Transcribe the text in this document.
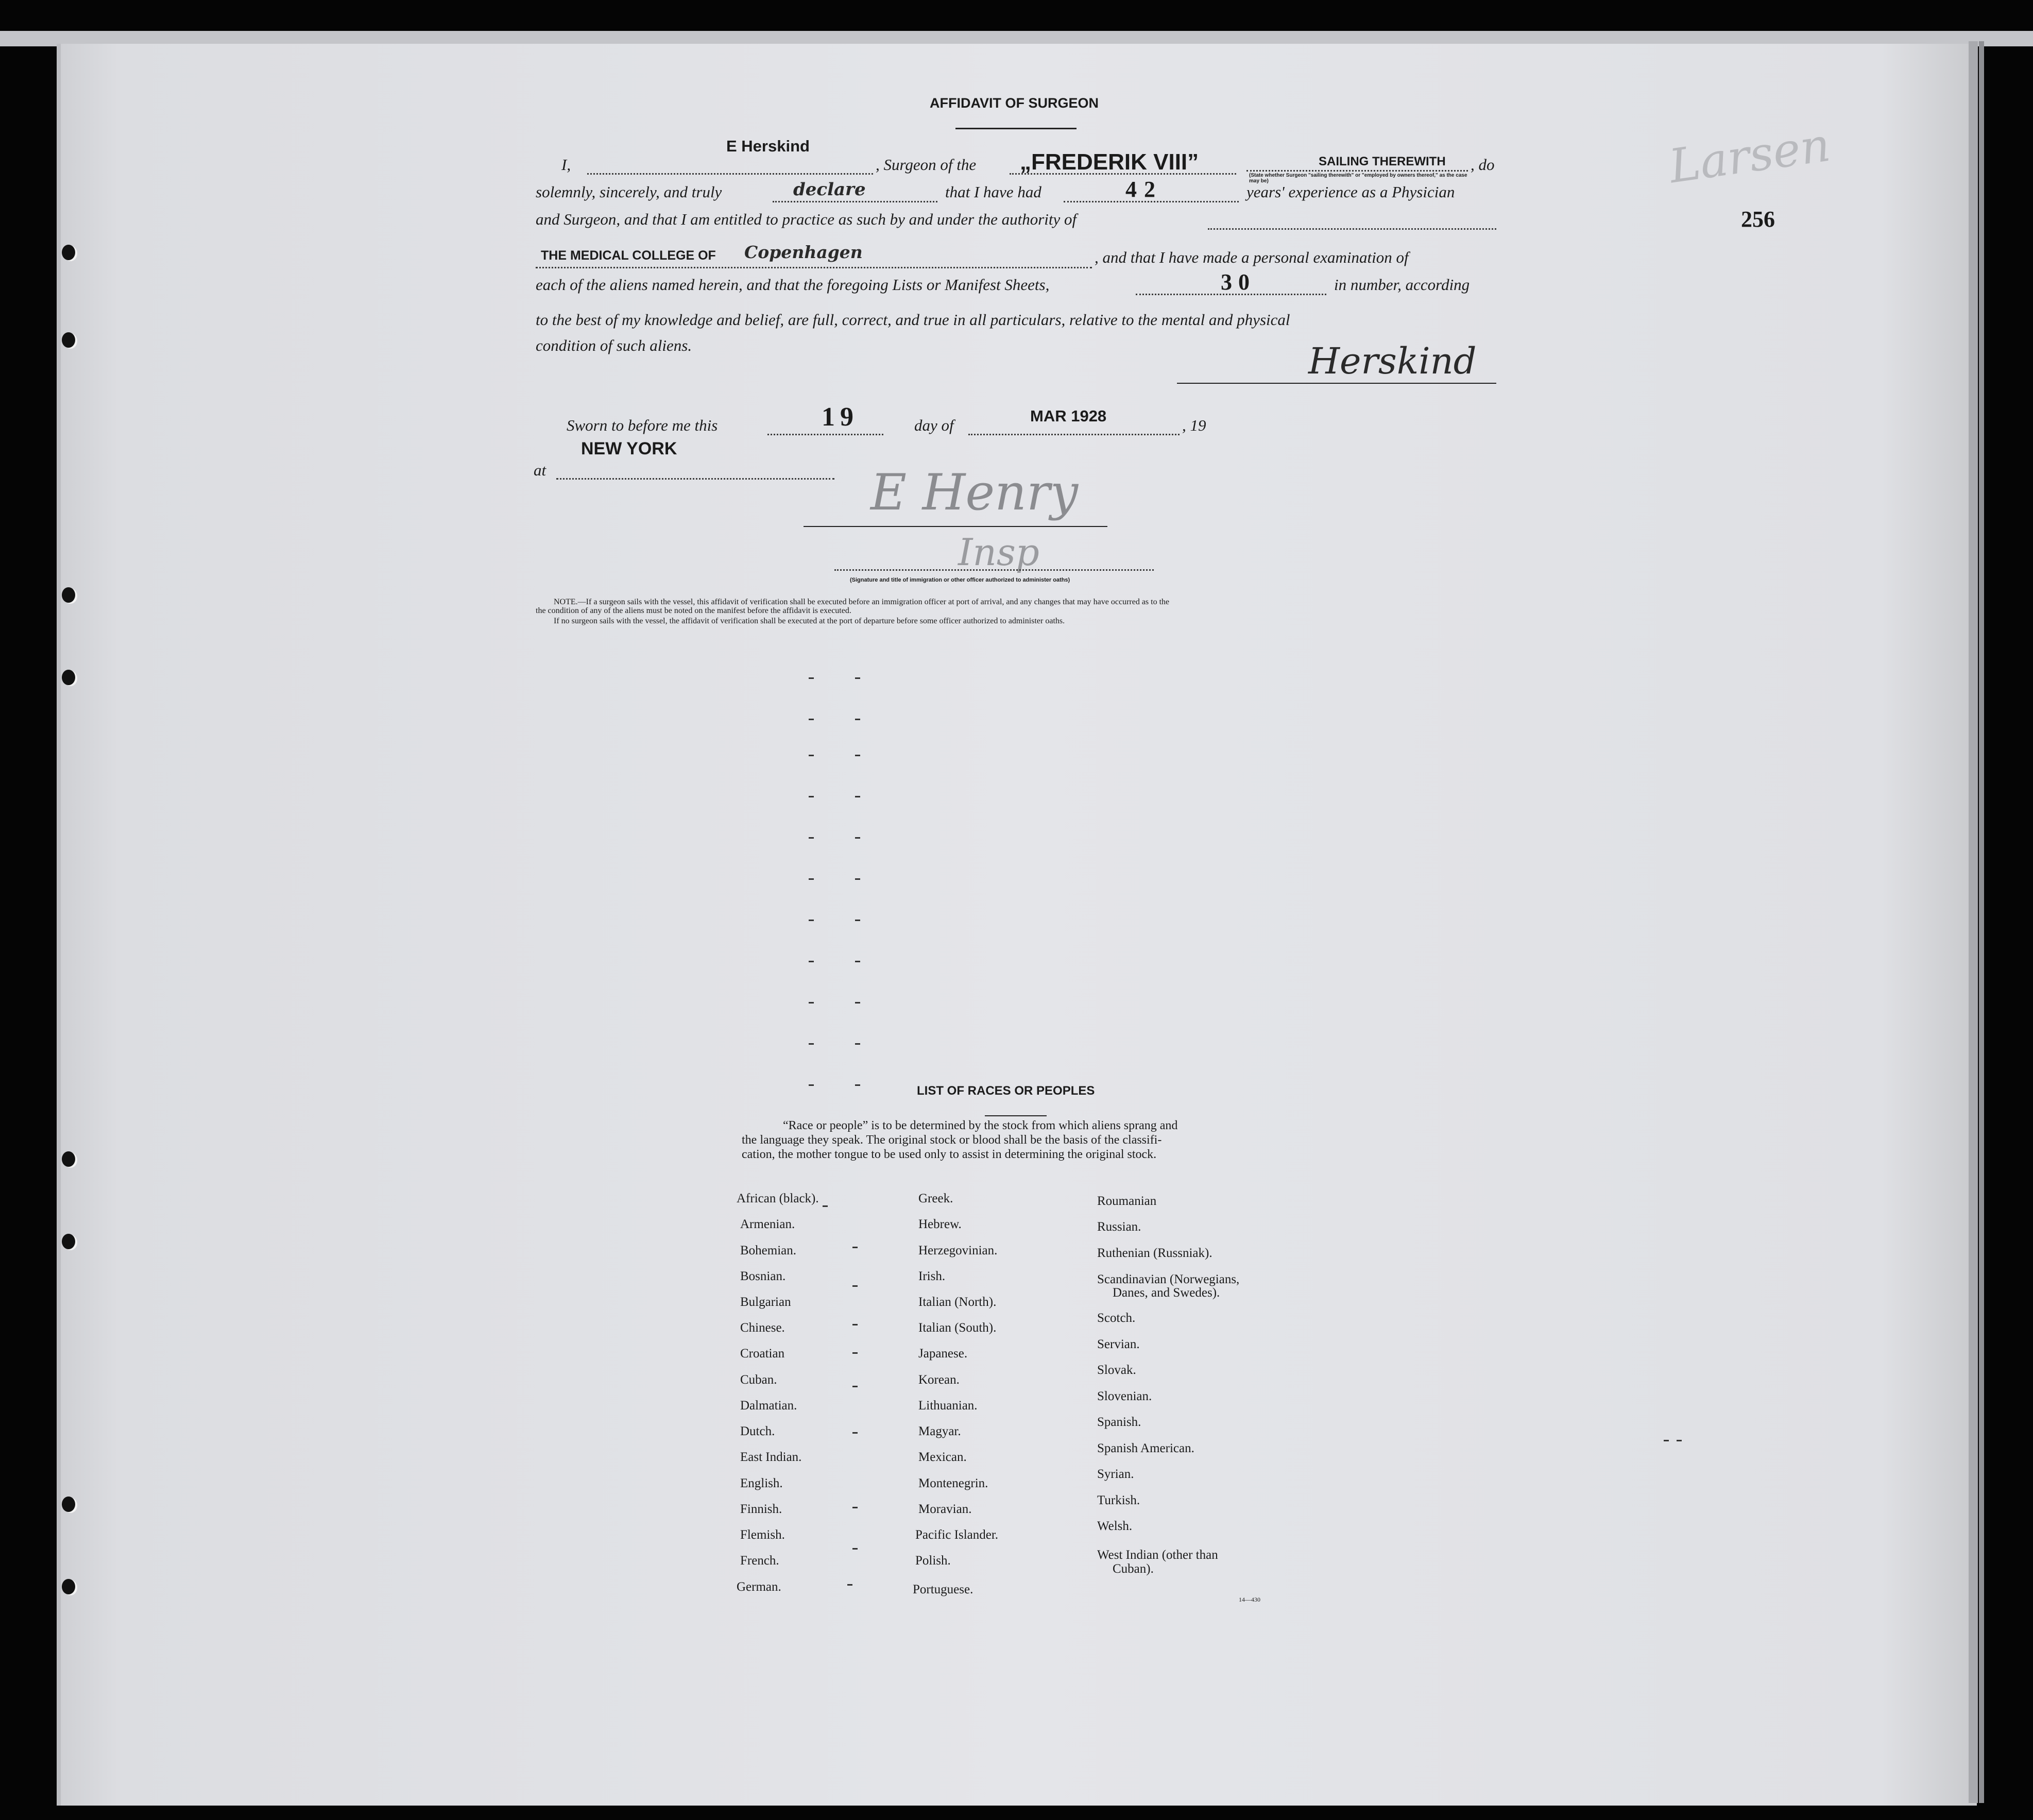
Larsen
256
AFFIDAVIT OF SURGEON
I,
E Herskind
, Surgeon of the „FREDERIK VIII”	SAILING THEREWITH
(State whether Surgeon "sailing therewith" or "employed by owners thereof," as the case may be)
, do
solemnly, sincerely, and truly	declare	that I have had	42	years' experience as a Physician
and Surgeon, and that I am entitled to practice as such by and under the authority of
THE MEDICAL COLLEGE OF Copenhagen	, and that I have made a personal examination of
each of the aliens named herein, and that the foregoing Lists or Manifest Sheets,	30	in number, according
to the best of my knowledge and belief, are full, correct, and true in all particulars, relative to the mental and physical
condition of such aliens.	Herskind
Sworn to before me this	19	day of
MAR 1928
, 19
NEW YORK
at	E Henry
Insp
(Signature and title of immigration or other officer authorized to administer oaths)
NOTE.—If a surgeon sails with the vessel, this affidavit of verification shall be executed before an immigration officer at port of arrival, and any changes that may have occurred as to the
the condition of any of the aliens must be noted on the manifest before the affidavit is executed.
If no surgeon sails with the vessel, the affidavit of verification shall be executed at the port of departure before some officer authorized to administer oaths.
LIST OF RACES OR PEOPLES
“Race or people” is to be determined by the stock from which aliens sprang and
the language they speak. The original stock or blood shall be the basis of the classifi-
cation, the mother tongue to be used only to assist in determining the original stock.
African (black).
Armenian.
Bohemian.
Bosnian.
Bulgarian
Chinese.
Croatian
Cuban.
Dalmatian.
Dutch.
East Indian.
English.
Finnish.
Flemish.
French.
German.
Greek.
Hebrew.
Herzegovinian.
Irish.
Italian (North).
Italian (South).
Japanese.
Korean.
Lithuanian.
Magyar.
Mexican.
Montenegrin.
Moravian.
Pacific Islander.
Polish.
Portuguese.
Roumanian
Russian.
Ruthenian (Russniak).
Scandinavian (Norwegians,
Danes, and Swedes).
Scotch.
Servian.
Slovak.
Slovenian.
Spanish.
Spanish American.
Syrian.
Turkish.
Welsh.
West Indian (other than
Cuban).
14—430
